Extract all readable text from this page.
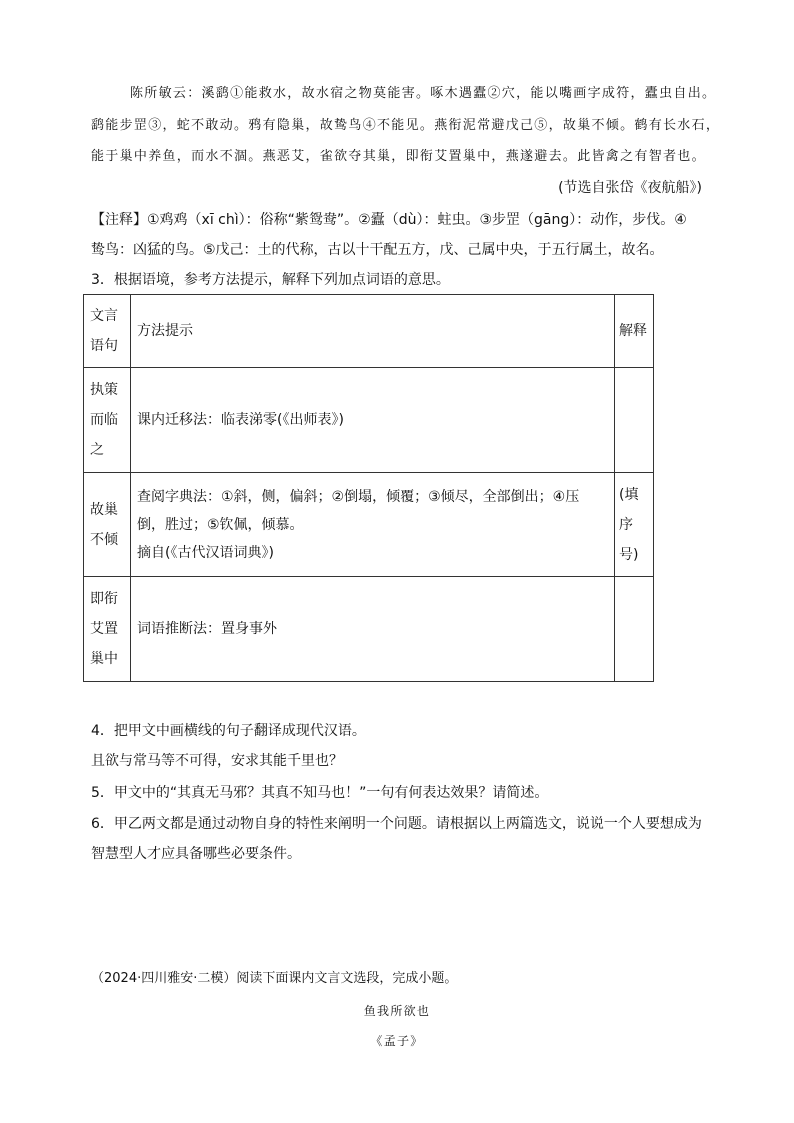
陈所敏云：溪鹞①能救水，故水宿之物莫能害。啄木遇蠹②穴，能以嘴画字成符，蠹虫自出。
鹞能步罡③，蛇不敢动。鸦有隐巢，故鸷鸟④不能见。燕衔泥常避戊己⑤，故巢不倾。鹤有长水石，
能于巢中养鱼，而水不涸。燕恶艾，雀欲夺其巢，即衔艾置巢中，燕遂避去。此皆禽之有智者也。
(节选自张岱《夜航船》)
【注释】①鸡鸡（xī chì）：俗称“紫鸳鸯”。②蠹（dù）：蛀虫。③步罡（gāng）：动作，步伐。④
鸷鸟：凶猛的鸟。⑤戊己：土的代称，古以十干配五方，戊、己属中央，于五行属土，故名。
3．根据语境，参考方法提示，解释下列加点词语的意思。
文言
语句	方法提示	解释

执策
而临
之	课内迁移法：临表涕零(《出师表》)	

故巢
不倾	查阅字典法：①斜，侧，偏斜；②倒塌，倾覆；③倾尽，全部倒出；④压
倒，胜过；⑤钦佩，倾慕。
摘自(《古代汉语词典》)	(填
序号)

即衔
艾置
巢中	词语推断法：置身事外	

4．把甲文中画横线的句子翻译成现代汉语。
且欲与常马等不可得，安求其能千里也？
5．甲文中的“其真无马邪？其真不知马也！”一句有何表达效果？请简述。
6．甲乙两文都是通过动物自身的特性来阐明一个问题。请根据以上两篇选文，说说一个人要想成为
智慧型人才应具备哪些必要条件。
（2024·四川雅安·二模）阅读下面课内文言文选段，完成小题。
鱼我所欲也
《孟子》
